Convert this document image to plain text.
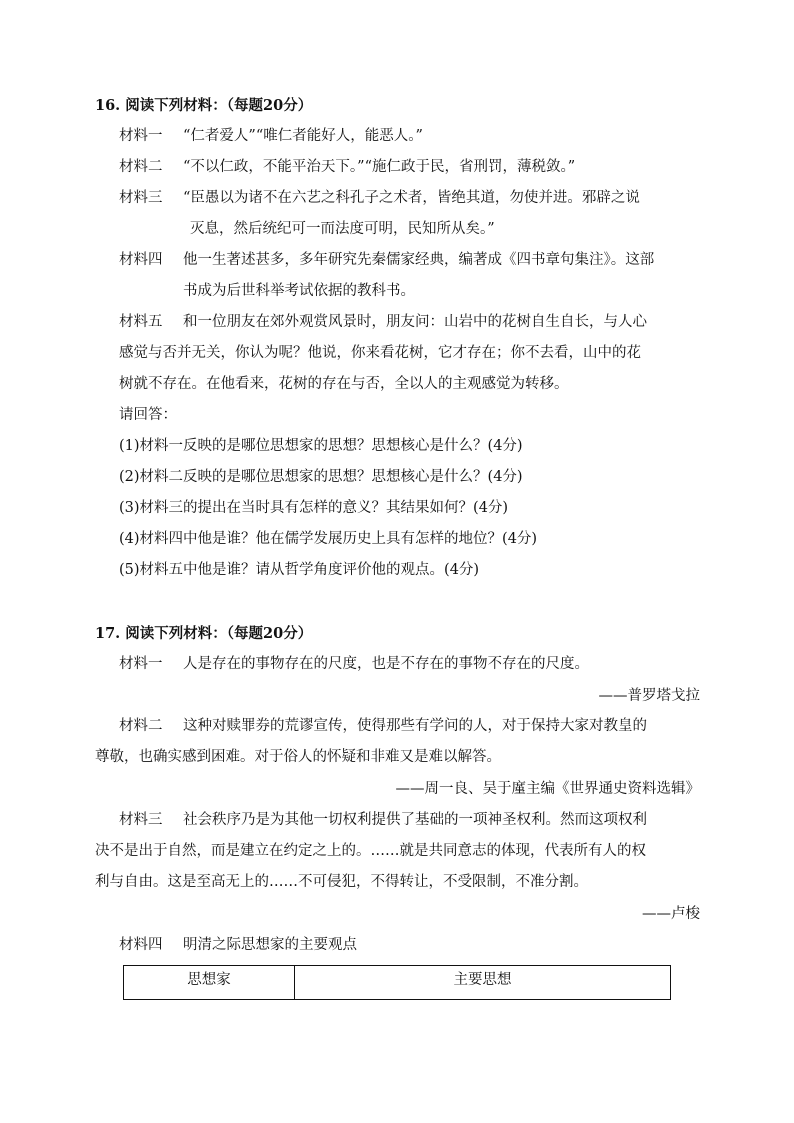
16. 阅读下列材料：（每题20分）
材料一 “仁者爱人”“唯仁者能好人，能恶人。”
材料二 “不以仁政，不能平治天下。”“施仁政于民，省刑罚，薄税敛。”
材料三 “臣愚以为诸不在六艺之科孔子之术者，皆绝其道，勿使并进。邪辟之说
灭息，然后统纪可一而法度可明，民知所从矣。”
材料四 他一生著述甚多，多年研究先秦儒家经典，编著成《四书章句集注》。这部
书成为后世科举考试依据的教科书。
材料五 和一位朋友在郊外观赏风景时，朋友问：山岩中的花树自生自长，与人心
感觉与否并无关，你认为呢？他说，你来看花树，它才存在；你不去看，山中的花
树就不存在。在他看来，花树的存在与否，全以人的主观感觉为转移。
请回答：
(1)材料一反映的是哪位思想家的思想？思想核心是什么？(4分)
(2)材料二反映的是哪位思想家的思想？思想核心是什么？(4分)
(3)材料三的提出在当时具有怎样的意义？其结果如何？(4分)
(4)材料四中他是谁？他在儒学发展历史上具有怎样的地位？(4分)
(5)材料五中他是谁？请从哲学角度评价他的观点。(4分)
17. 阅读下列材料：（每题20分）
材料一 人是存在的事物存在的尺度，也是不存在的事物不存在的尺度。
——普罗塔戈拉
材料二 这种对赎罪券的荒谬宣传，使得那些有学问的人，对于保持大家对教皇的
尊敬，也确实感到困难。对于俗人的怀疑和非难又是难以解答。
——周一良、吴于廑主编《世界通史资料选辑》
材料三 社会秩序乃是为其他一切权利提供了基础的一项神圣权利。然而这项权利
决不是出于自然，而是建立在约定之上的。……就是共同意志的体现，代表所有人的权
利与自由。这是至高无上的……不可侵犯，不得转让，不受限制，不准分割。
——卢梭
材料四 明清之际思想家的主要观点
思想家	主要思想
